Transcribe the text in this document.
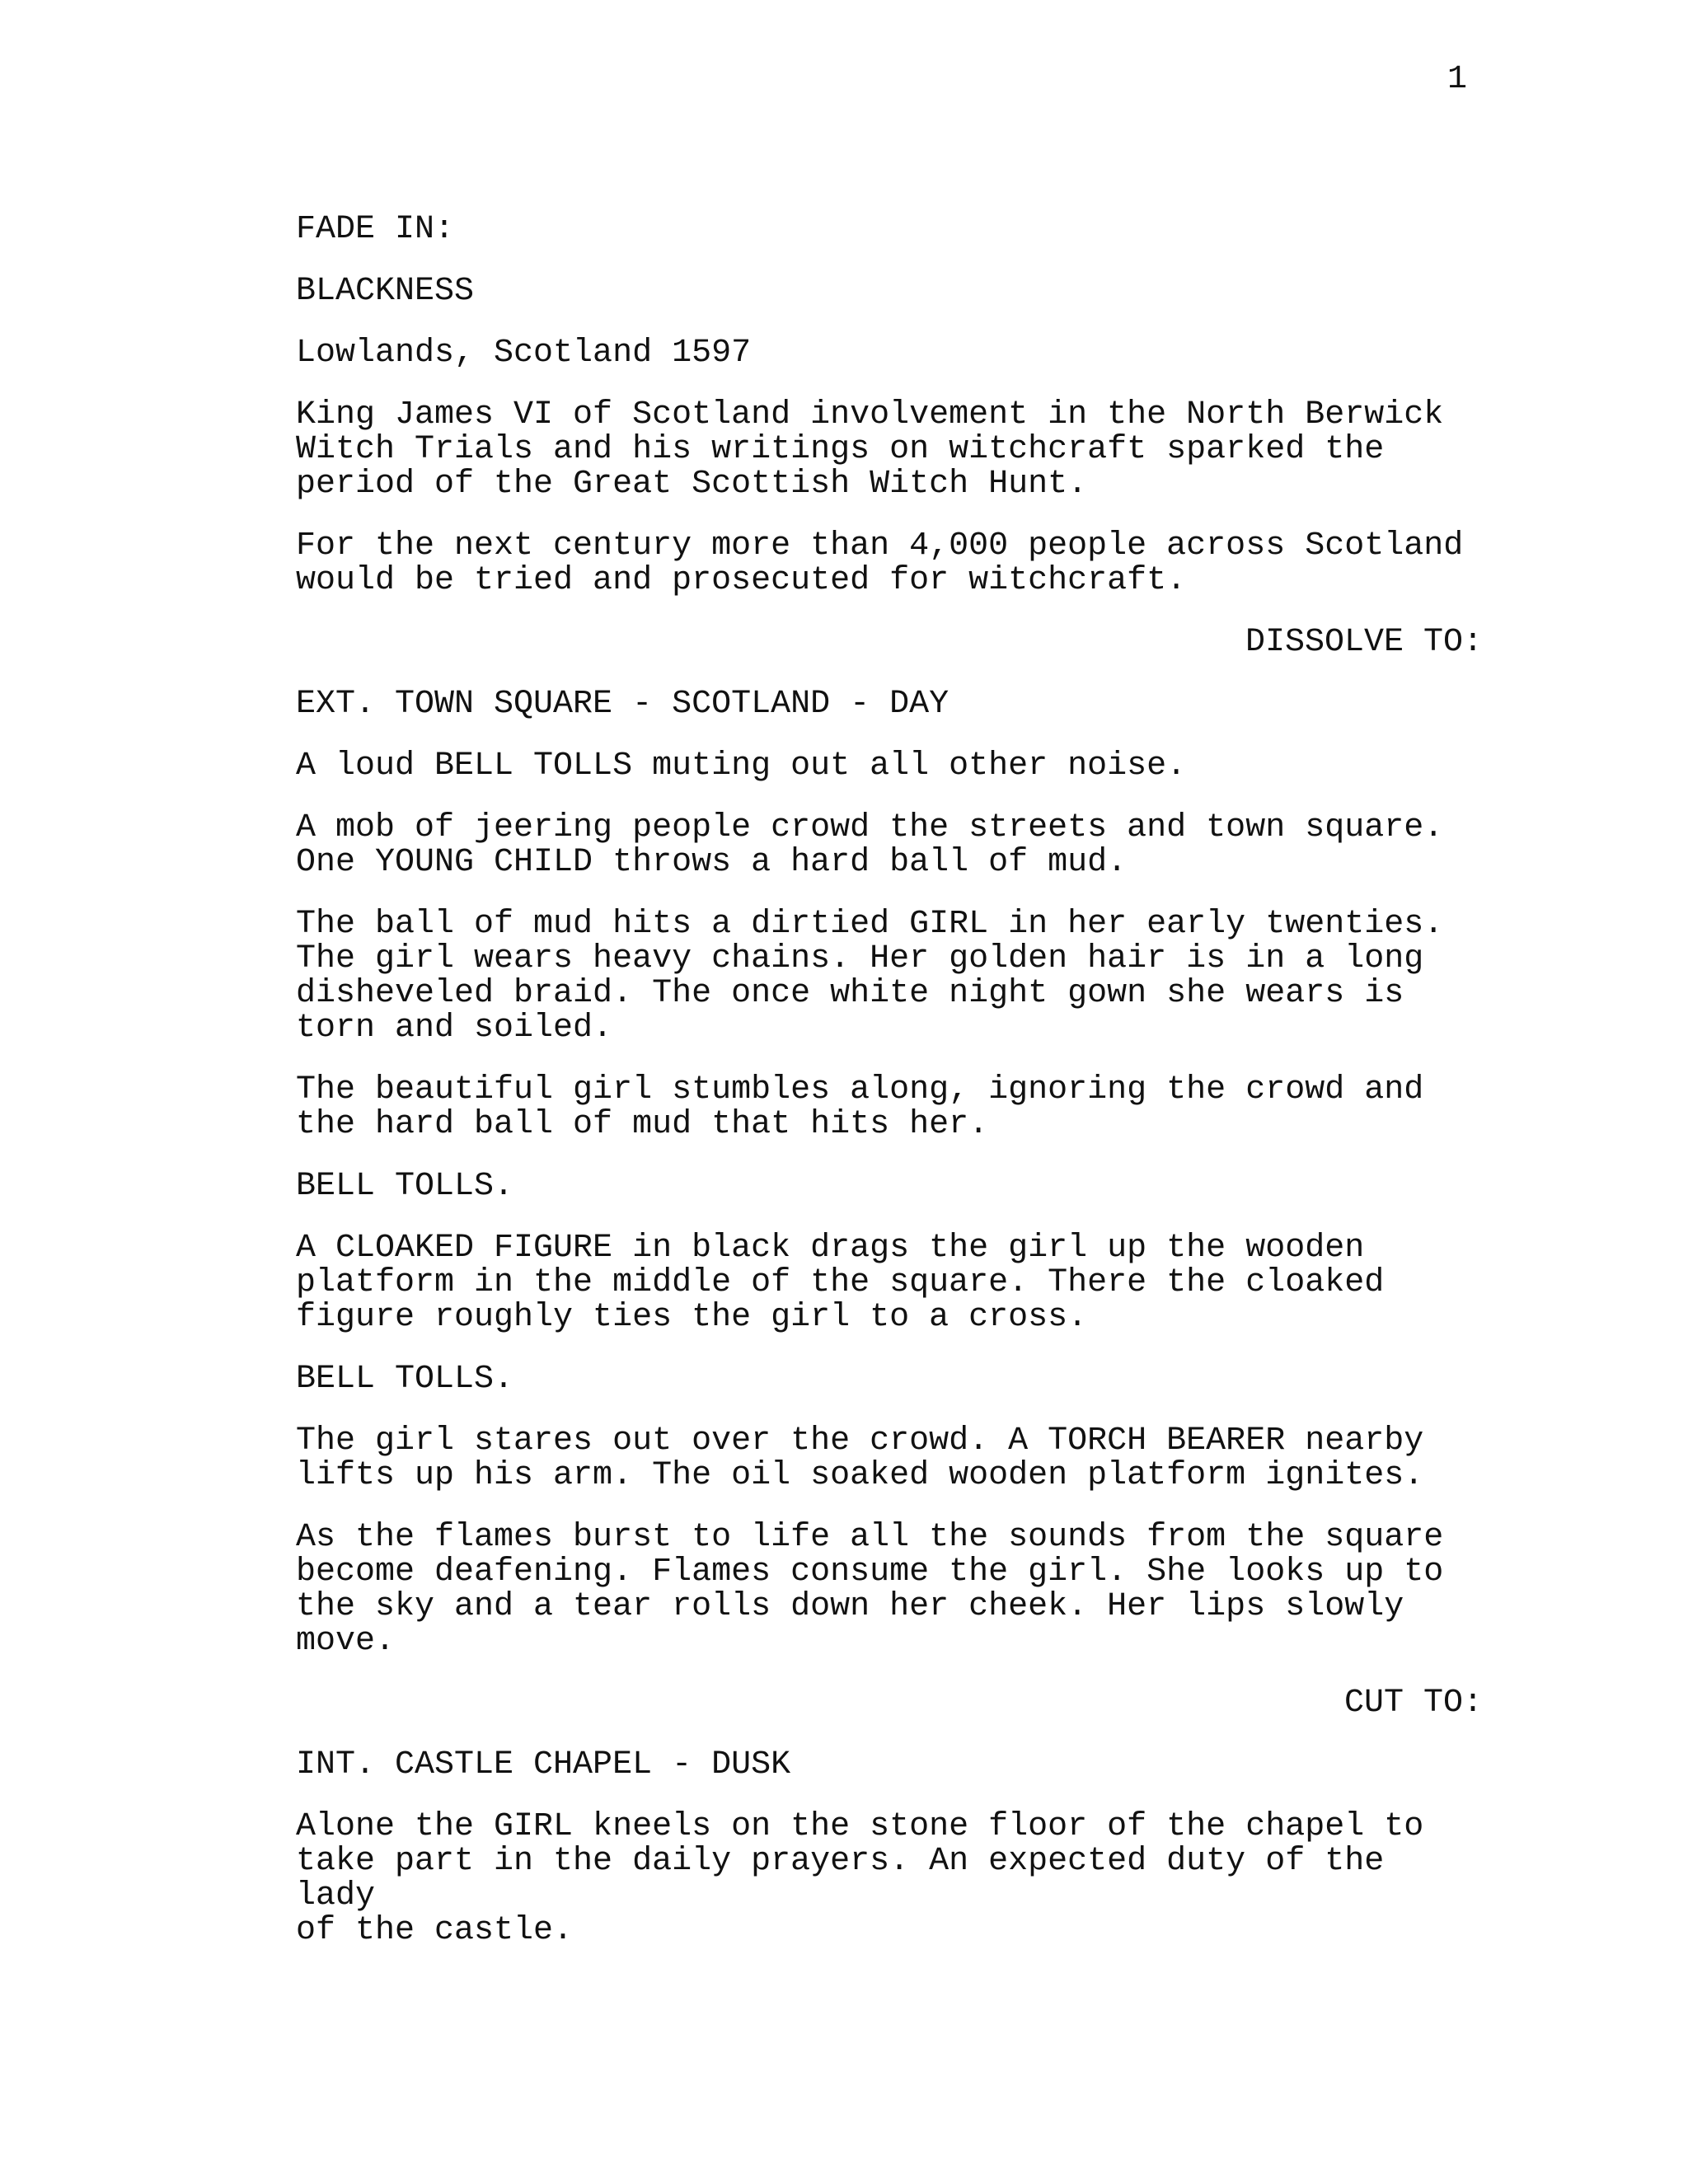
1

FADE IN:

BLACKNESS

Lowlands, Scotland 1597

King James VI of Scotland involvement in the North Berwick
Witch Trials and his writings on witchcraft sparked the
period of the Great Scottish Witch Hunt.

For the next century more than 4,000 people across Scotland
would be tried and prosecuted for witchcraft.

DISSOLVE TO:

EXT. TOWN SQUARE - SCOTLAND - DAY

A loud BELL TOLLS muting out all other noise.

A mob of jeering people crowd the streets and town square.
One YOUNG CHILD throws a hard ball of mud.

The ball of mud hits a dirtied GIRL in her early twenties.
The girl wears heavy chains. Her golden hair is in a long
disheveled braid. The once white night gown she wears is
torn and soiled.

The beautiful girl stumbles along, ignoring the crowd and
the hard ball of mud that hits her.

BELL TOLLS.

A CLOAKED FIGURE in black drags the girl up the wooden
platform in the middle of the square. There the cloaked
figure roughly ties the girl to a cross.

BELL TOLLS.

The girl stares out over the crowd. A TORCH BEARER nearby
lifts up his arm. The oil soaked wooden platform ignites.

As the flames burst to life all the sounds from the square
become deafening. Flames consume the girl. She looks up to
the sky and a tear rolls down her cheek. Her lips slowly
move.

CUT TO:

INT. CASTLE CHAPEL - DUSK

Alone the GIRL kneels on the stone floor of the chapel to
take part in the daily prayers. An expected duty of the lady
of the castle.
